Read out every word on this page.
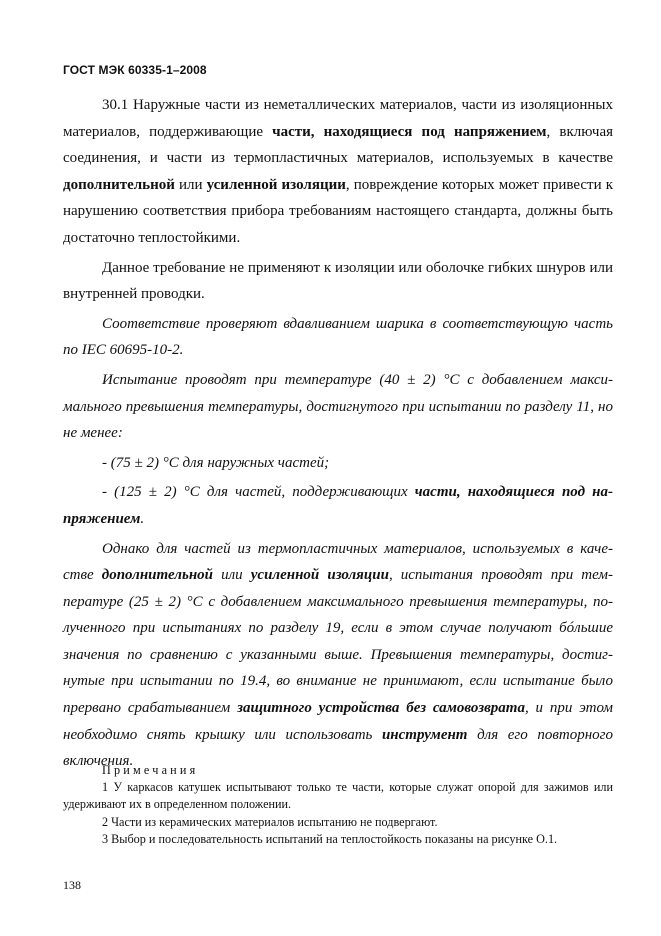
ГОСТ МЭК 60335-1–2008

30.1 Наружные части из неметаллических материалов, части из изоляционных материалов, поддерживающие части, находящиеся под напряжением, включая соединения, и части из термопластичных материалов, используемых в качестве дополнительной или усиленной изоляции, повреждение которых может привести к нарушению соответствия прибора требованиям настоящего стандарта, должны быть достаточно теплостойкими.

Данное требование не применяют к изоляции или оболочке гибких шнуров или внутренней проводки.

Соответствие проверяют вдавливанием шарика в соответствующую часть по IEC 60695-10-2.

Испытание проводят при температуре (40 ± 2) °С с добавлением максимального превышения температуры, достигнутого при испытании по разделу 11, но не менее:

- (75 ± 2) °С для наружных частей;

- (125 ± 2) °С для частей, поддерживающих части, находящиеся под напряжением.

Однако для частей из термопластичных материалов, используемых в качестве дополнительной или усиленной изоляции, испытания проводят при температуре (25 ± 2) °С с добавлением максимального превышения температуры, полученного при испытаниях по разделу 19, если в этом случае получают бóльшие значения по сравнению с указанными выше. Превышения температуры, достигнутые при испытании по 19.4, во внимание не принимают, если испытание было прервано срабатыванием защитного устройства без самовозврата, и при этом необходимо снять крышку или использовать инструмент для его повторного включения.

Примечания

1 У каркасов катушек испытывают только те части, которые служат опорой для зажимов или удерживают их в определенном положении.

2 Части из керамических материалов испытанию не подвергают.

3 Выбор и последовательность испытаний на теплостойкость показаны на рисунке О.1.

138
